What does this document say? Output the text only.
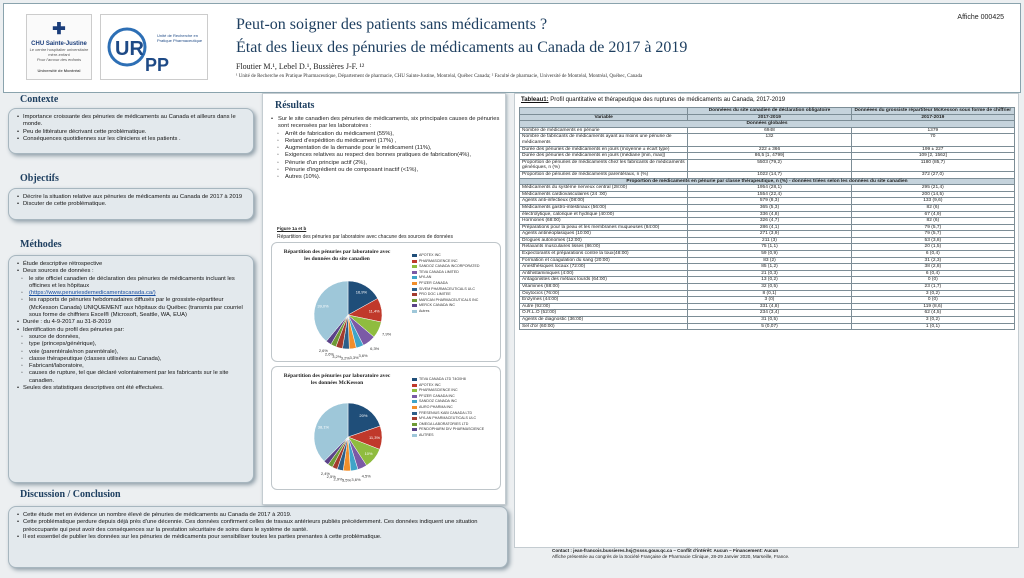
✚
CHU Sainte-Justine
Le centre hospitalier universitaire mère-enfant
Pour l'amour des enfants
Université de Montréal
UR
PP
Unité de Recherche en Pratique Pharmaceutique
Peut-on soigner des patients sans médicaments ?
État des lieux des pénuries de médicaments au Canada de 2017 à 2019
Floutier M.¹, Lebel D.¹, Bussières J-F. ¹²
¹ Unité de Recherche en Pratique Pharmaceutique, Département de pharmacie, CHU Sainte-Justine, Montréal, Québec Canada; ² Faculté de pharmacie, Université de Montréal, Montréal, Québec, Canada
Affiche 000425
Contexte
• Importance croissante des pénuries de médicaments au Canada et ailleurs dans le monde.
• Peu de littérature décrivant cette problématique.
• Conséquences quotidiennes sur les cliniciens et les patients .
Objectifs
• Décrire la situation relative aux pénuries de médicaments au Canada de 2017 à 2019
• Discuter de cette problématique.
Méthodes
• Étude descriptive rétrospective
• Deux sources de données :
▫ le site officiel canadien de déclaration des pénuries de médicaments incluant les officines et les hôpitaux
▫ (https://www.penuriesdemedicamentscanada.ca/)
▫ les rapports de pénuries hebdomadaires diffusés par le grossiste-répartiteur (McKesson Canada) UNIQUEMENT aux hôpitaux du Québec (transmis par courriel sous forme de chiffriers Excel® (Microsoft, Seattle, WA, EUA)
• Durée : du 4-9-2017 au 31-8-2019
• Identification du profil des pénuries par:
▫ source de données,
▫ type (princeps/générique),
▫ voie (parentérale/non parentérale),
▫ classe thérapeutique (classes utilisées au Canada),
▫ Fabricant/laboratoire,
▫ causes de rupture, tel que déclaré volontairement par les fabricants sur le site canadien.
• Seules des statistiques descriptives ont été effectuées.
Discussion / Conclusion
• Cette étude met en évidence un nombre élevé de pénuries de médicaments au Canada de 2017 à 2019.
• Cette problématique perdure depuis déjà près d'une décennie. Ces données confirment celles de travaux antérieurs publiés précédemment. Ces données indiquent une situation préoccupante qui peut avoir des conséquences sur la prestation sécuritaire de soins dans le système de santé.
• Il est essentiel de publier les données sur les pénuries de médicaments pour sensibiliser toutes les parties prenantes à cette problématique.
Résultats
• Sur le site canadien des pénuries de médicaments, six principales causes de pénuries sont recensées par les laboratoires :
▫ Arrêt de fabrication du médicament (55%),
▫ Retard d'expédition du médicament (17%) ,
▫ Augmentation de la demande pour le médicament (11%),
▫ Exigences relatives au respect des bonnes pratiques de fabrication(4%),
▫ Pénurie d'un principe actif (2%),
▫ Pénurie d'ingrédient ou de composant inactif (<1%),
▫ Autres (10%).
Figure 1a et b
Répartition des pénuries par laboratoire avec chacune des sources de données
Répartition des pénuries par laboratoire avec les données du site canadien
16,9%
11,4%
7,9%
6,3%
3,6%
3,3%
3,2%
3,2%
2,6%
2,6%
39,0%
APOTEX INC
PHARMASCIENCE INC
SANDOZ CANADA INCORPORATED
TEVA CANADA LIMITED
MYLAN
PFIZER CANADA
SIVEM PHARMACEUTICALS ULC
PRO DOC LIMITEE
MARCAN PHARMACEUTICALS INC
MERCK CANADA INC
Autres
Répartition des pénuries par laboratoire avec les données McKesson
20%
11,3%
10%
4,5%
3,6%
3,5%
2,9%
2,5%
2,4%
38,1%
TEVA CANADA LTD T4G0H8
APOTEX INC
PHARMASCIENCE INC
PFIZER CANADA INC
SANDOZ CANADA INC
AURO PHARMA INC
FRESENIUS KABI CANADA LTD
MYLAN PHARMACEUTICALS ULC
OMEGA LABORATORIES LTD
PENDOPHARM DIV PHARMASCIENCE
AUTRES
Tableau1: Profil quantitative et thérapeutique des ruptures de médicaments au Canada, 2017-2019
	Donnéees du site canadien de déclaration obligatoire	Donnéees du grossiste répartiteur McKesson sous forme de chiffrier
Variable	2017-2019	2017-2019
Données globales		
Nombre de médicaments en pénurie	6948	1379
Nombre de fabricants de médicaments ayant au moins une pénurie de médicaments	132	70
Durée des pénuries de médicaments en jours (moyenne ± écart type)	222 ± 366	199 ± 227
Durée des pénuries de médicaments en jours (médiane [min, max])	86,5 [1, 4799]	109 [2, 1562]
Proportion de pénuries de médicaments chez les fabricants de médicaments génériques, n (%)	5503 (79,2)	1180 (85,7)
Proportion de pénuries de médicaments parentéraux, n (%)	1022 (14,7)	372 (27,0)
Proportion de médicaments en pénurie par classe thérapeutique, n (%) - données triées selon les données du site canadien		
Médicaments du système nerveux central (28:00)	1954 (28,1)	295 (21,4)
Médicaments cardiovasculaires (24 :00)	1554 (22,4)	200 (14,5)
Agents anti-infectieux (08:00)	579 (8,3)	133 (9,6)
Médicaments gastro-intestinaux (56:00)	365 (5,3)	82 (6)
électrolytique, calorique et hydrique (40:00)	336 (4,8)	67 (4,9)
Hormones (68:00)	326 (4,7)	82 (6)
Préparations pour la peau et les membranes muqueuses (84:00)	286 (4,1)	79 (5,7)
Agents antinéoplasiques (10:00)	271 (3,9)	79 (5,7)
Drogues autonomes (12:00)	211 (3)	53 (3,8)
Relaxants musculaires lisses (86:00)	75 (1,1)	20 (1,5)
Expectorants et préparations contre la toux(48:00)	59 (0,9)	6 (0,4)
Formation et coagulation du sang (20:00)	83 (2)	31 (2,3)
Anesthésiques locaux (72:00)	85 (1,2)	38 (2,8)
Antihistaminiques (4:00)	21 (0,3)	6 (0,4)
Antagonistes des métaux lourds (64:00)	13 (0,2)	0 (0)
Vitamines (88:00)	32 (0,5)	23 (1,7)
Oxytocics (76:00)	8 (0,1)	3 (0,2)
Enzymes (44:00)	3 (0)	0 (0)
Autre (92:00)	331 (4,8)	119 (8,6)
O.R.L.O (52:00)	234 (3,4)	62 (4,5)
Agents de diagnostic (36:00)	31 (0,5)	3 (0,2)
Sel d'or (60:00)	5 (0,07)	1 (0,1)
Contact : jean-francois.bussieres.hsj@ssss.gouv.qc.ca – Conflit d'intérêt: Aucun – Financement: Aucun
Affiche présentée au congrès de la Société Française de Pharmacie Clinique, 28-29 Janvier 2020, Marseille, France.
